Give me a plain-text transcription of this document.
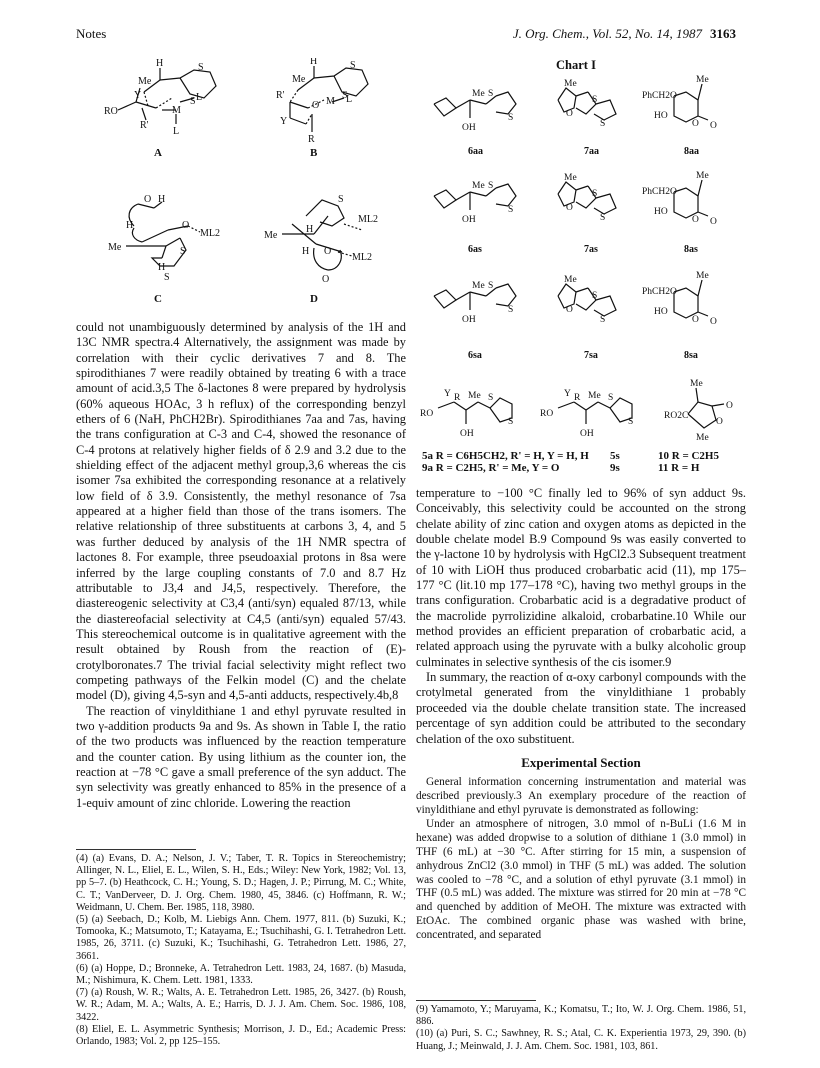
Notes	J. Org. Chem., Vol. 52, No. 14, 1987 3163
H
Me
Y
RO
R'
M
L
L
S
S
H
Me
R'
O M L
Y
R
S
S
A	B
O H
H	O
ML2
Me
H
S
S
S
ML2
Me
H
H O
ML2
O
C	D

could not unambiguously determined by analysis of the 1H and 13C NMR spectra.4 Alternatively, the assignment was made by correlation with their cyclic derivatives 7 and 8. The spirodithianes 7 were readily obtained by treating 6 with a trace amount of acid.3,5 The δ-lactones 8 were prepared by hydrolysis (60% aqueous HOAc, 3 h reflux) of the corresponding benzyl ethers of 6 (NaH, PhCH2Br). Spirodithianes 7aa and 7as, having the trans configuration at C-3 and C-4, showed the resonance of C-4 protons at relatively higher fields of δ 2.9 and 3.2 due to the shielding effect of the adjacent methyl group,3,6 whereas the cis isomer 7sa exhibited the corresponding resonance at a relatively low field of δ 3.9. Consistently, the methyl resonance of 7sa appeared at a higher field than those of the trans isomers. The relative relationship of three substituents at carbons 3, 4, and 5 was further deduced by analysis of the 1H NMR spectra of lactones 8. For example, three pseudoaxial protons in 8sa were inferred by the large coupling constants of 7.0 and 8.7 Hz attributable to J3,4 and J4,5, respectively. Therefore, the diastereogenic selectivity at C3,4 (anti/syn) equaled 87/13, while the diastereofacial selectivity at C4,5 (anti/syn) equaled 57/43. This stereochemical outcome is in qualitative agreement with the result obtained by Roush from the reaction of (E)-crotylboronates.7 The trivial facial selectivity might reflect two competing pathways of the Felkin model (C) and the chelate model (D), giving 4,5-syn and 4,5-anti adducts, respectively.4b,8

The reaction of vinyldithiane 1 and ethyl pyruvate resulted in two γ-addition products 9a and 9s. As shown in Table I, the ratio of the two products was influenced by the reaction temperature and the counter cation. By using lithium as the counter ion, the reaction at −78 °C gave a small preference of the syn adduct. The syn selectivity was greatly enhanced to 85% in the presence of a 1-equiv amount of zinc chloride. Lowering the reaction

(4) (a) Evans, D. A.; Nelson, J. V.; Taber, T. R. Topics in Stereochemistry; Allinger, N. L., Eliel, E. L., Wilen, S. H., Eds.; Wiley: New York, 1982; Vol. 13, pp 5–7. (b) Heathcock, C. H.; Young, S. D.; Hagen, J. P.; Pirrung, M. C.; White, C. T.; VanDerveer, D. J. Org. Chem. 1980, 45, 3846. (c) Hoffmann, R. W.; Weidmann, U. Chem. Ber. 1985, 118, 3980.

(5) (a) Seebach, D.; Kolb, M. Liebigs Ann. Chem. 1977, 811. (b) Suzuki, K.; Tomooka, K.; Matsumoto, T.; Katayama, E.; Tsuchihashi, G. I. Tetrahedron Lett. 1985, 26, 3711. (c) Suzuki, K.; Tsuchihashi, G. Tetrahedron Lett. 1986, 27, 3661.

(6) (a) Hoppe, D.; Bronneke, A. Tetrahedron Lett. 1983, 24, 1687. (b) Masuda, M.; Nishimura, K. Chem. Lett. 1981, 1333.

(7) (a) Roush, W. R.; Walts, A. E. Tetrahedron Lett. 1985, 26, 3427. (b) Roush, W. R.; Adam, M. A.; Walts, A. E.; Harris, D. J. J. Am. Chem. Soc. 1986, 108, 3422.

(8) Eliel, E. L. Asymmetric Synthesis; Morrison, J. D., Ed.; Academic Press: Orlando, 1983; Vol. 2, pp 125–155.

Chart I
Me S
S
OH
Me
O
S
S
PhCH2O
Me
HO
O O
Me S
S
OH
Me
O
S
S
PhCH2O
Me
HO
O O
Me S
S
OH
Me
O
S
S
PhCH2O
Me
HO
O O
Y R Me S
S
RO
OH
Y R Me S
S
RO
OH
Me
RO2C
Me
O
O
6aa	7aa	8aa
6as	7as	8as
6sa	7sa	8sa
5a R = C6H5CH2, R' = H, Y = H, H 5s	10 R = C2H5
9a R = C2H5, R' = Me, Y = O	9s	11 R = H

temperature to −100 °C finally led to 96% of syn adduct 9s. Conceivably, this selectivity could be accounted on the strong chelate ability of zinc cation and oxygen atoms as depicted in the double chelate model B.9 Compound 9s was easily converted to the γ-lactone 10 by hydrolysis with HgCl2.3 Subsequent treatment of 10 with LiOH thus produced crobarbatic acid (11), mp 175–177 °C (lit.10 mp 177–178 °C), having two methyl groups in the trans configuration. Crobarbatic acid is a degradative product of the macrolide pyrrolizidine alkaloid, crobarbatine.10 While our method provides an efficient preparation of crobarbatic acid, a related approach using the pyruvate with a bulky alcoholic group culminates in selective synthesis of the cis isomer.9

In summary, the reaction of α-oxy carbonyl compounds with the crotylmetal generated from the vinyldithiane 1 probably proceeded via the double chelate transition state. The increased percentage of syn addition could be attributed to the secondary chelation of the oxo substituent.

Experimental Section

General information concerning instrumentation and material was described previously.3 An exemplary procedure of the reaction of vinyldithiane and ethyl pyruvate is demonstrated as following:

Under an atmosphere of nitrogen, 3.0 mmol of n-BuLi (1.6 M in hexane) was added dropwise to a solution of dithiane 1 (3.0 mmol) in THF (6 mL) at −30 °C. After stirring for 15 min, a suspension of anhydrous ZnCl2 (3.0 mmol) in THF (5 mL) was added. The solution was cooled to −78 °C, and a solution of ethyl pyruvate (3.1 mmol) in THF (0.5 mL) was added. The mixture was stirred for 20 min at −78 °C and quenched by addition of MeOH. The mixture was extracted with EtOAc. The combined organic phase was washed with brine, concentrated, and separated

(9) Yamamoto, Y.; Maruyama, K.; Komatsu, T.; Ito, W. J. Org. Chem. 1986, 51, 886.

(10) (a) Puri, S. C.; Sawhney, R. S.; Atal, C. K. Experientia 1973, 29, 390. (b) Huang, J.; Meinwald, J. J. Am. Chem. Soc. 1981, 103, 861.
